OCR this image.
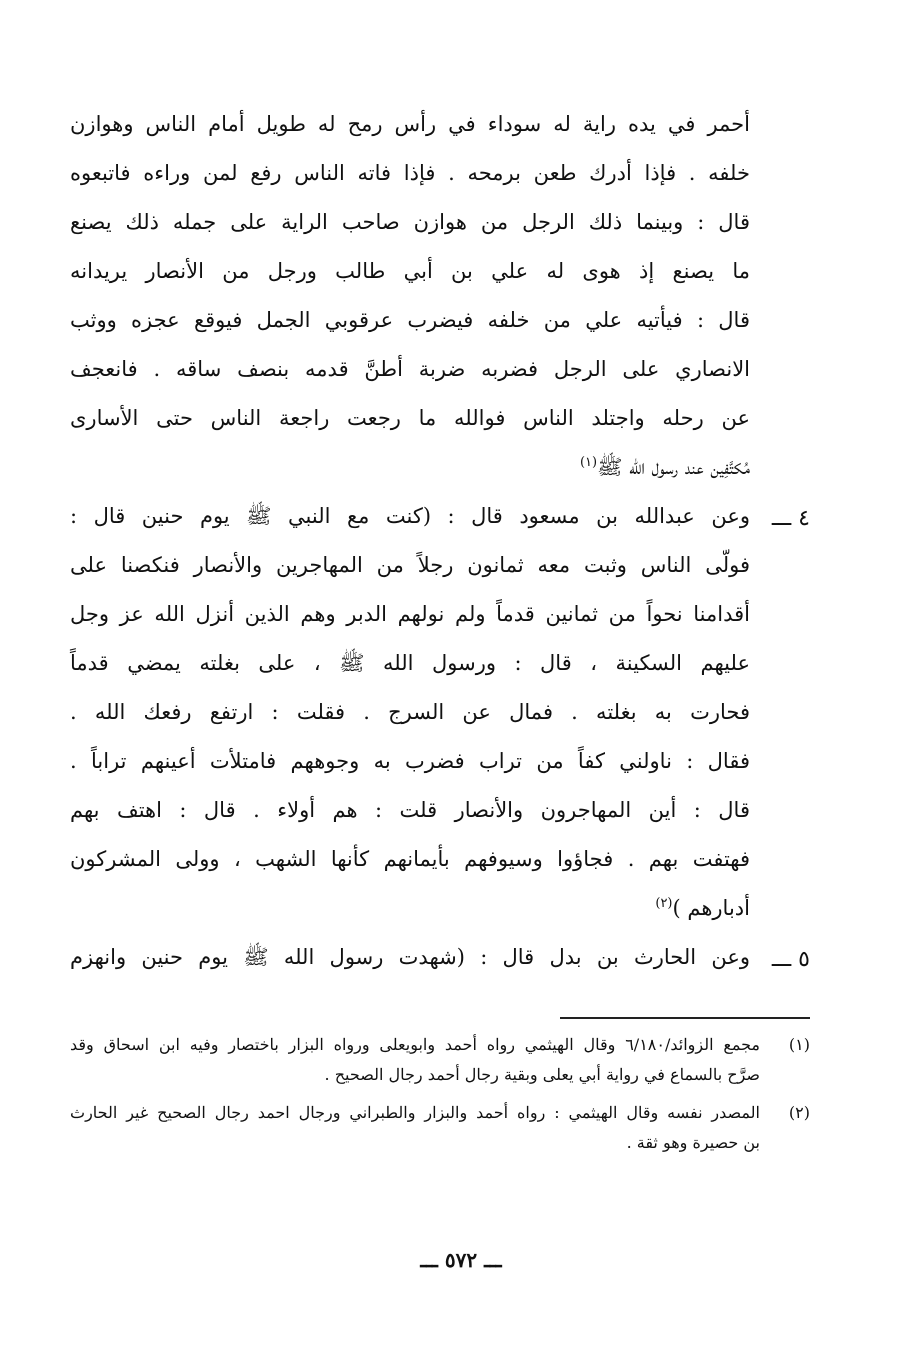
أحمر في يده راية له سوداء في رأس رمح له طويل أمام الناس وهوازن
خلفه . فإذا أدرك طعن برمحه . فإذا فاته الناس رفع لمن وراءه فاتبعوه
قال : وبينما ذلك الرجل من هوازن صاحب الراية على جمله ذلك يصنع
ما يصنع إذ هوى له علي بن أبي طالب ورجل من الأنصار يريدانه
قال : فيأتيه علي من خلفه فيضرب عرقوبي الجمل فيوقع عجزه ووثب
الانصاري على الرجل فضربه ضربة أطنَّ قدمه بنصف ساقه . فانعجف
عن رحله واجتلد الناس فوالله ما رجعت راجعة الناس حتى الأسارى
مُكتَّفِين عند رسول الله ﷺ$^{(١)}$
وعن عبدالله بن مسعود قال : (كنت مع النبي ﷺ يوم حنين قال :
فولّى الناس وثبت معه ثمانون رجلاً من المهاجرين والأنصار فنكصنا على
أقدامنا نحواً من ثمانين قدماً ولم نولهم الدبر وهم الذين أنزل الله عز وجل
عليهم السكينة ، قال : ورسول الله ﷺ ، على بغلته يمضي قدماً
فحارت به بغلته . فمال عن السرج . فقلت : ارتفع رفعك الله .
فقال : ناولني كفاً من تراب فضرب به وجوههم فامتلأت أعينهم تراباً .
قال : أين المهاجرون والأنصار قلت : هم أولاء . قال : اهتف بهم
فهتفت بهم . فجاؤوا وسيوفهم بأيمانهم كأنها الشهب ، وولى المشركون
أدبارهم )$^{(٢)}$
وعن الحارث بن بدل قال : (شهدت رسول الله ﷺ يوم حنين وانهزم
٤ ـــ
٥ ـــ
(١)
مجمع الزوائد/٦/١٨٠ وقال الهيثمي رواه أحمد وابويعلى ورواه البزار باختصار وفيه ابن اسحاق وقد
صرَّح بالسماع في رواية أبي يعلى وبقية رجال أحمد رجال الصحيح .
(٢)
المصدر نفسه وقال الهيثمي : رواه أحمد والبزار والطبراني ورجال احمد رجال الصحيح غير الحارث
بن حصيرة وهو ثقة .
ـــ ٥٧٢ ـــ
